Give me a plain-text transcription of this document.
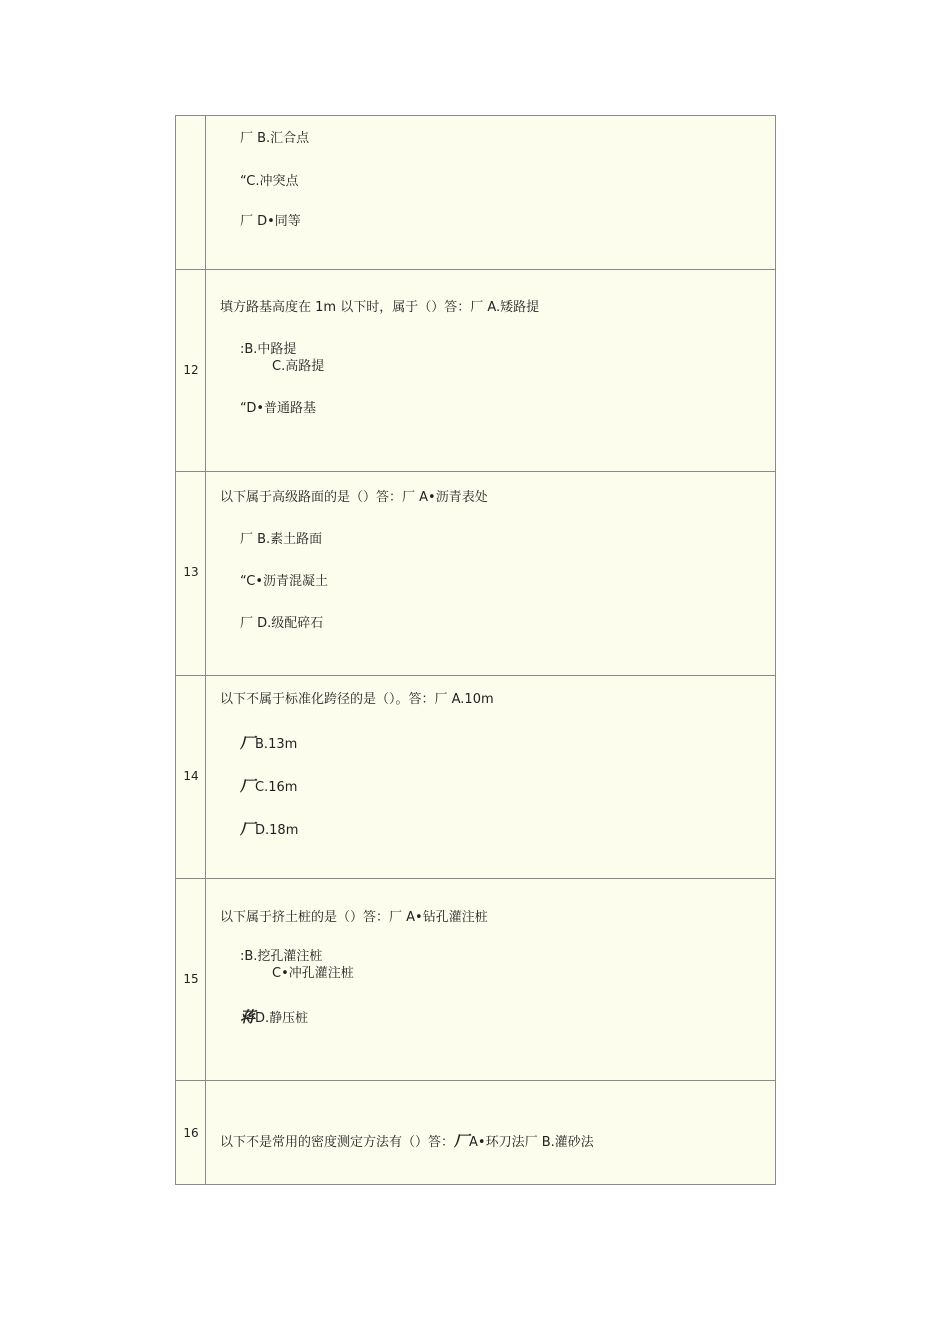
厂 B.汇合点
“C.冲突点
厂 D•同等
12
填方路基高度在 1m 以下时，属于（）答：厂 A.矮路提
:B.中路提
C.高路提
“D•普通路基
13
以下属于高级路面的是（）答：厂 A•沥青表处
厂 B.素土路面
“C•沥青混凝土
厂 D.级配碎石
14
以下不属于标准化跨径的是（）。答：厂 A.10m
厂B.13m
厂C.16m
厂D.18m
15
以下属于挤土桩的是（）答：厂 A•钻孔灌注桩
:B.挖孔灌注桩
C•冲孔灌注桩
蒋D.静压桩
16
以下不是常用的密度测定方法有（）答：厂A•环刀法厂 B.灌砂法
